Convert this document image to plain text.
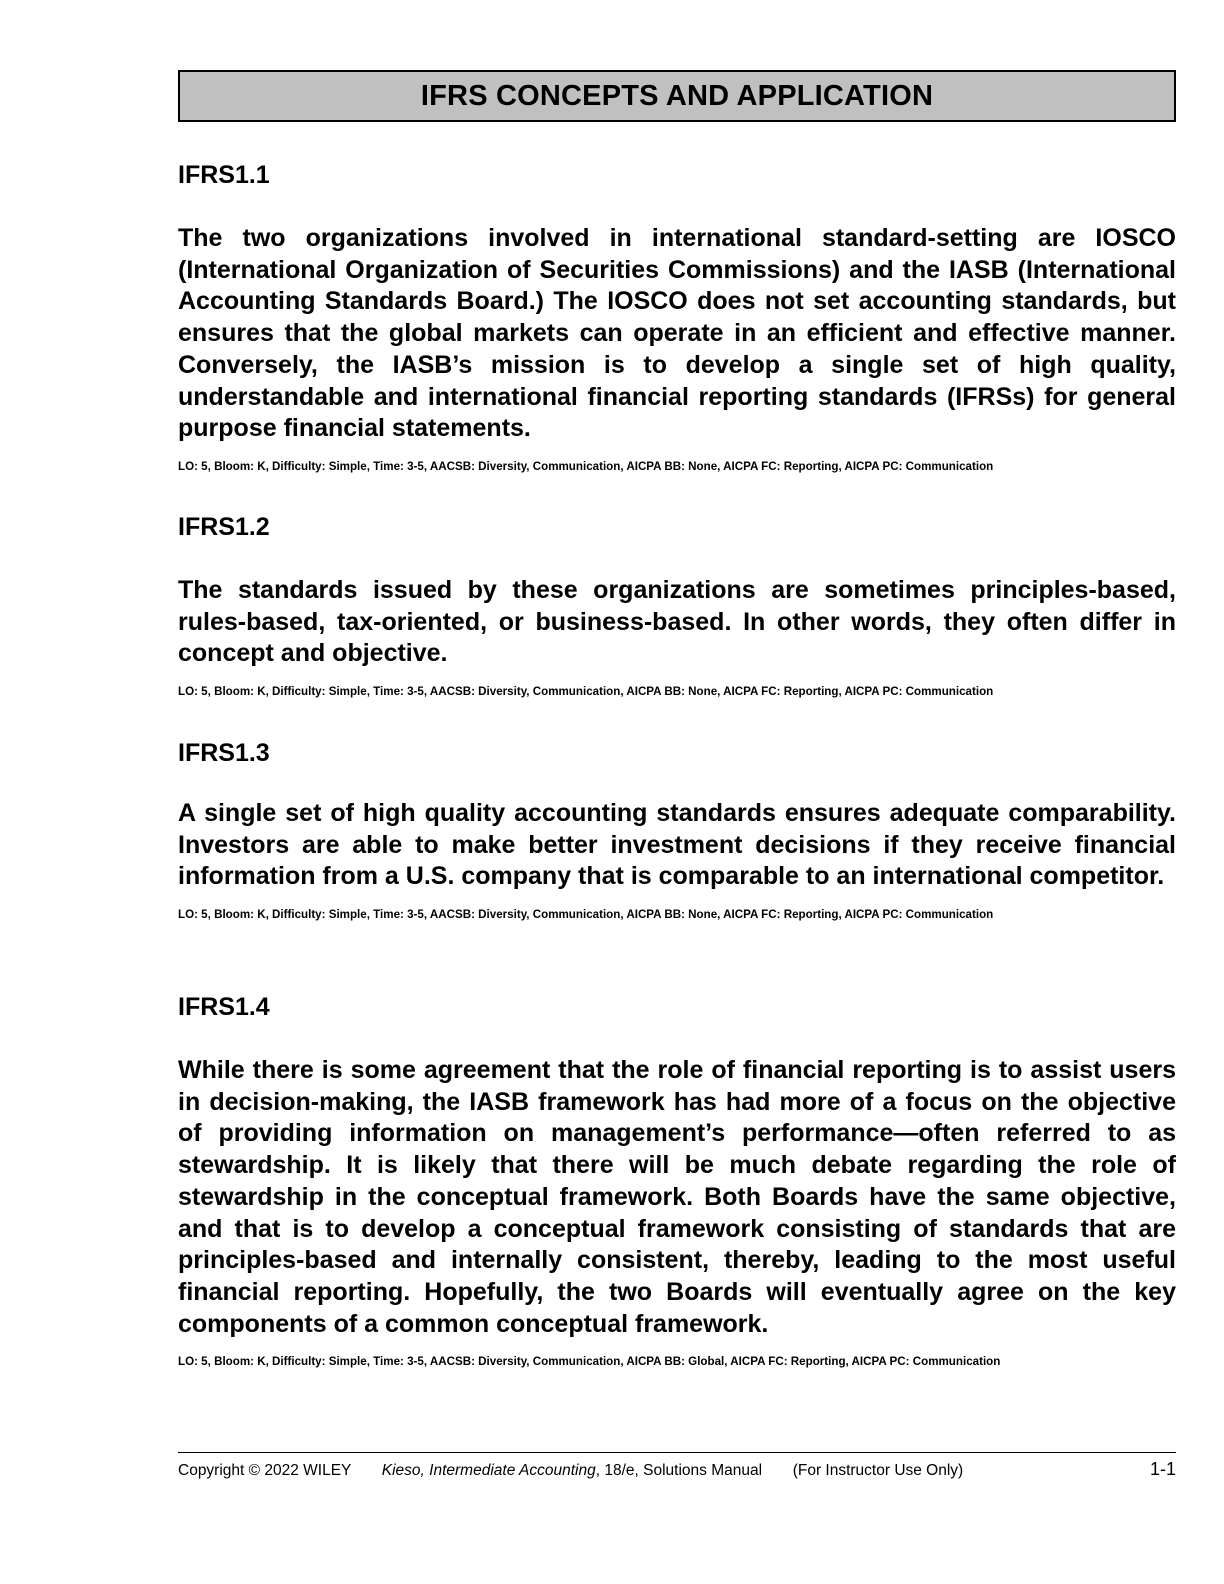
IFRS CONCEPTS AND APPLICATION

IFRS1.1

The two organizations involved in international standard-setting are IOSCO (International Organization of Securities Commissions) and the IASB (International Accounting Standards Board.) The IOSCO does not set accounting standards, but ensures that the global markets can operate in an efficient and effective manner. Conversely, the IASB’s mission is to develop a single set of high quality, understandable and international financial reporting standards (IFRSs) for general purpose financial statements.

LO: 5, Bloom: K, Difficulty: Simple, Time: 3-5, AACSB: Diversity, Communication, AICPA BB: None, AICPA FC: Reporting, AICPA PC: Communication

IFRS1.2

The standards issued by these organizations are sometimes principles-based, rules-based, tax-oriented, or business-based. In other words, they often differ in concept and objective.

LO: 5, Bloom: K, Difficulty: Simple, Time: 3-5, AACSB: Diversity, Communication, AICPA BB: None, AICPA FC: Reporting, AICPA PC: Communication

IFRS1.3

A single set of high quality accounting standards ensures adequate comparability. Investors are able to make better investment decisions if they receive financial information from a U.S. company that is comparable to an international competitor.

LO: 5, Bloom: K, Difficulty: Simple, Time: 3-5, AACSB: Diversity, Communication, AICPA BB: None, AICPA FC: Reporting, AICPA PC: Communication

IFRS1.4

While there is some agreement that the role of financial reporting is to assist users in decision-making, the IASB framework has had more of a focus on the objective of providing information on management’s performance—often referred to as stewardship. It is likely that there will be much debate regarding the role of stewardship in the conceptual framework. Both Boards have the same objective, and that is to develop a conceptual framework consisting of standards that are principles-based and internally consistent, thereby, leading to the most useful financial reporting. Hopefully, the two Boards will eventually agree on the key components of a common conceptual framework.

LO: 5, Bloom: K, Difficulty: Simple, Time: 3-5, AACSB: Diversity, Communication, AICPA BB: Global, AICPA FC: Reporting, AICPA PC: Communication

Copyright © 2022 WILEY Kieso, Intermediate Accounting, 18/e, Solutions Manual (For Instructor Use Only)	1-1
